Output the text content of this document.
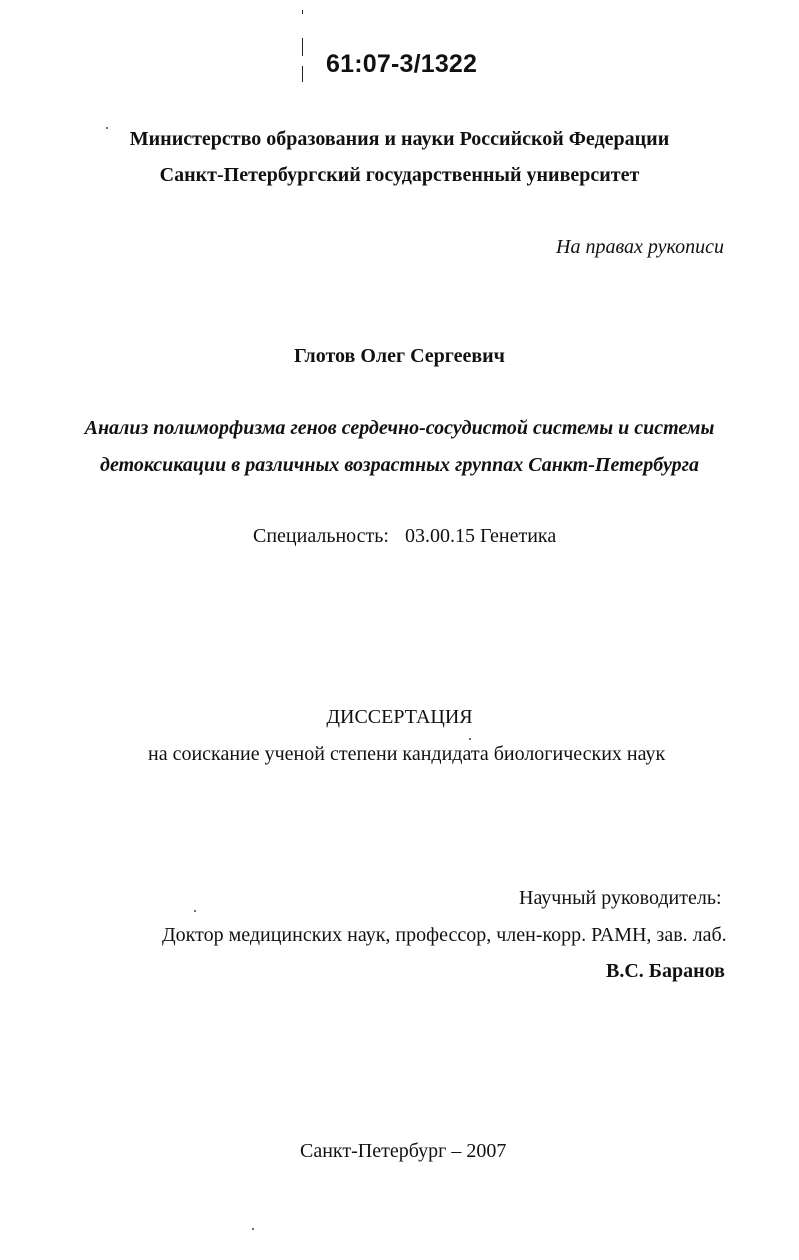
61:07-3/1322
Министерство образования и науки Российской Федерации
Санкт-Петербургский государственный университет
На правах рукописи
Глотов Олег Сергеевич
Анализ полиморфизма генов сердечно-сосудистой системы и системы
детоксикации в различных возрастных группах Санкт-Петербурга
Специальность: 03.00.15 Генетика
ДИССЕРТАЦИЯ
на соискание ученой степени кандидата биологических наук
Научный руководитель:
Доктор медицинских наук, профессор, член-корр. РАМН, зав. лаб.
В.С. Баранов
Санкт-Петербург – 2007
